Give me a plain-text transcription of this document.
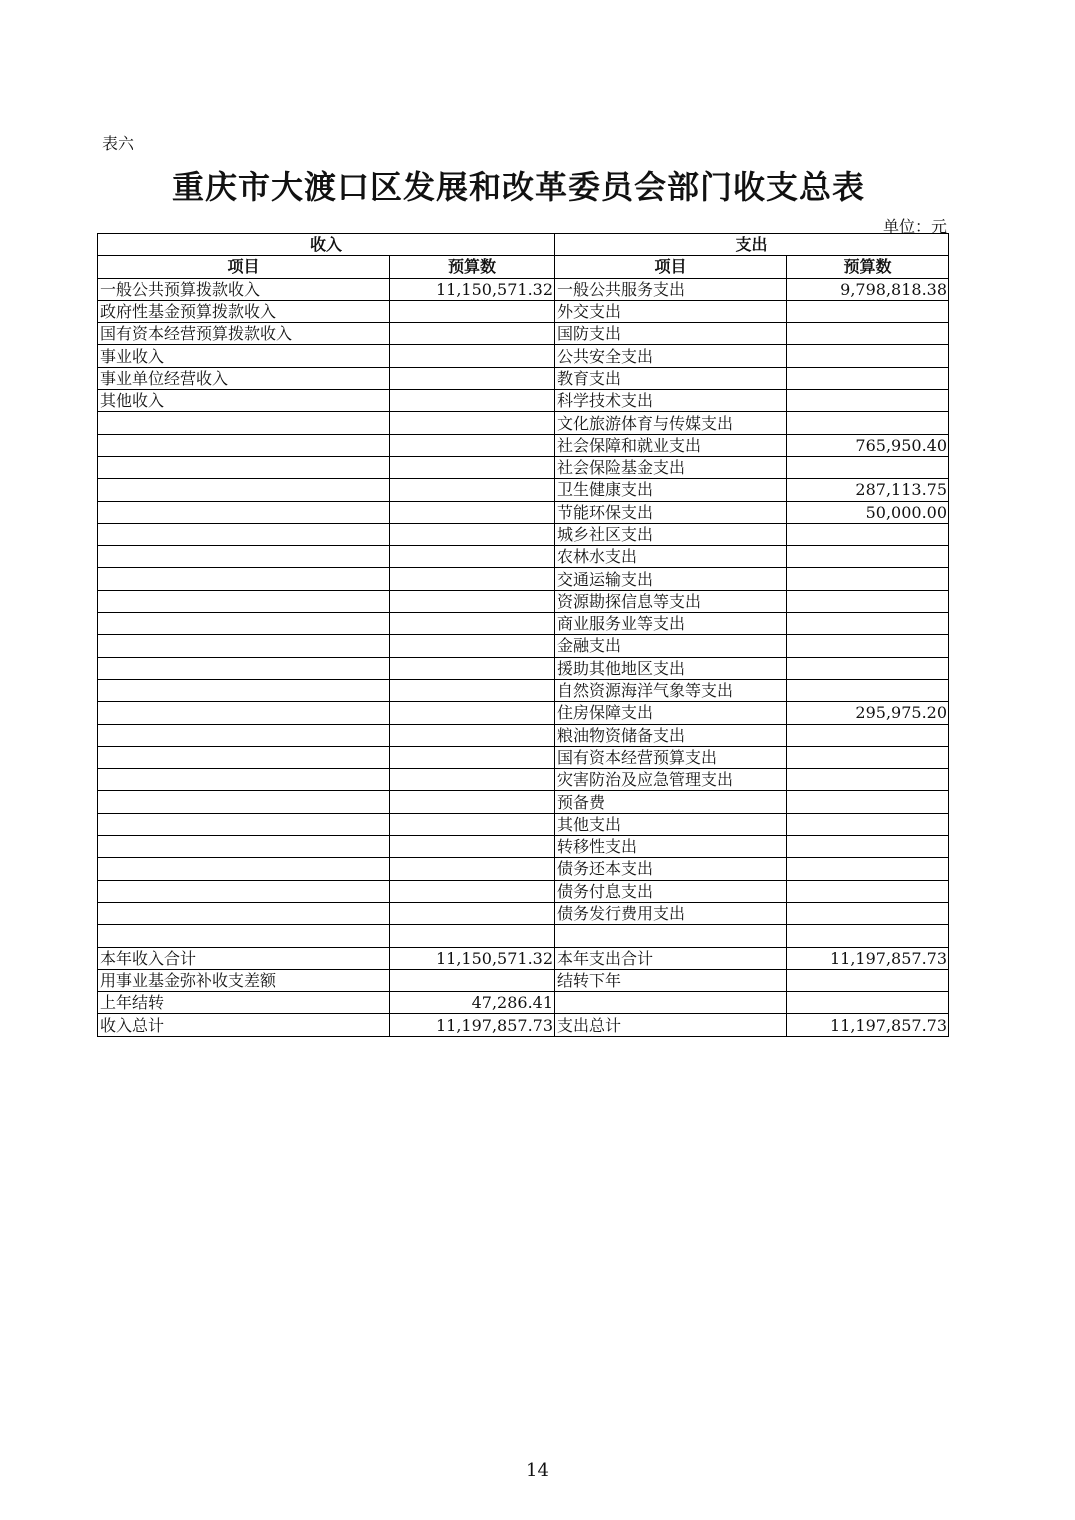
表六
重庆市大渡口区发展和改革委员会部门收支总表
单位：元
收入		支出	
项目	预算数	项目	预算数
一般公共预算拨款收入	11,150,571.32	一般公共服务支出	9,798,818.38
政府性基金预算拨款收入		外交支出	
国有资本经营预算拨款收入		国防支出	
事业收入		公共安全支出	
事业单位经营收入		教育支出	
其他收入		科学技术支出	
		文化旅游体育与传媒支出	
		社会保障和就业支出	765,950.40
		社会保险基金支出	
		卫生健康支出	287,113.75
		节能环保支出	50,000.00
		城乡社区支出	
		农林水支出	
		交通运输支出	
		资源勘探信息等支出	
		商业服务业等支出	
		金融支出	
		援助其他地区支出	
		自然资源海洋气象等支出	
		住房保障支出	295,975.20
		粮油物资储备支出	
		国有资本经营预算支出	
		灾害防治及应急管理支出	
		预备费	
		其他支出	
		转移性支出	
		债务还本支出	
		债务付息支出	
		债务发行费用支出	

本年收入合计	11,150,571.32	本年支出合计	11,197,857.73
用事业基金弥补收支差额		结转下年	
上年结转	47,286.41		
收入总计	11,197,857.73	支出总计	11,197,857.73
14
